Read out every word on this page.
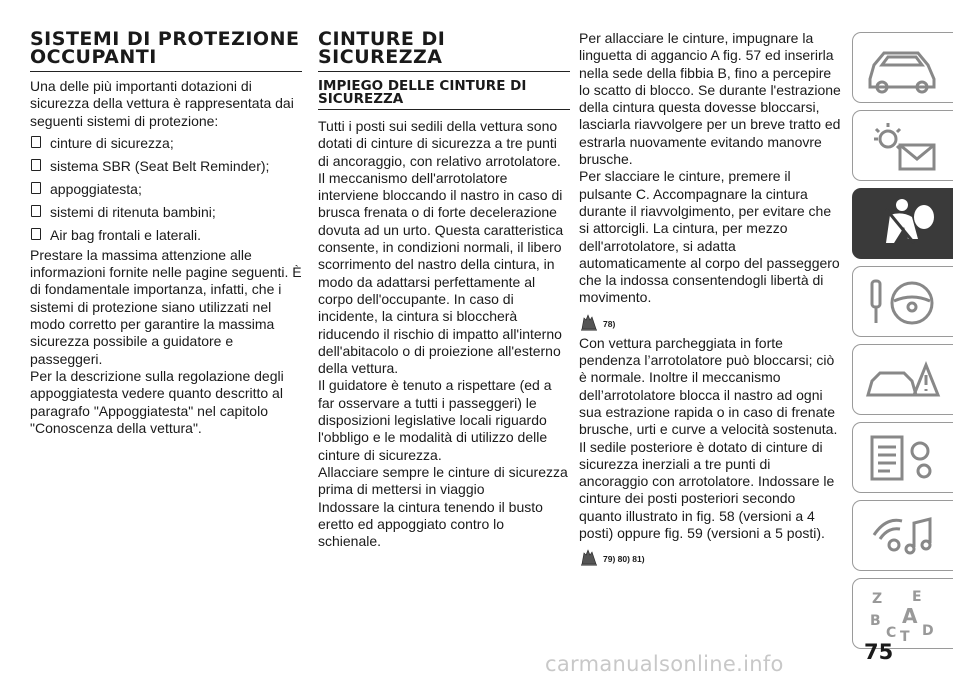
SISTEMI DI PROTEZIONE OCCUPANTI

Una delle più importanti dotazioni di sicurezza della vettura è rappresentata dai seguenti sistemi di protezione:

cinture di sicurezza;
sistema SBR (Seat Belt Reminder);
appoggiatesta;
sistemi di ritenuta bambini;
Air bag frontali e laterali.

Prestare la massima attenzione alle informazioni fornite nelle pagine seguenti. È di fondamentale importanza, infatti, che i sistemi di protezione siano utilizzati nel modo corretto per garantire la massima sicurezza possibile a guidatore e passeggeri.

Per la descrizione sulla regolazione degli appoggiatesta vedere quanto descritto al paragrafo "Appoggiatesta" nel capitolo "Conoscenza della vettura".

CINTURE DI SICUREZZA
IMPIEGO DELLE CINTURE DI SICUREZZA

Tutti i posti sui sedili della vettura sono dotati di cinture di sicurezza a tre punti di ancoraggio, con relativo arrotolatore.

Il meccanismo dell'arrotolatore interviene bloccando il nastro in caso di brusca frenata o di forte decelerazione dovuta ad un urto. Questa caratteristica consente, in condizioni normali, il libero scorrimento del nastro della cintura, in modo da adattarsi perfettamente al corpo dell'occupante. In caso di incidente, la cintura si bloccherà riducendo il rischio di impatto all'interno dell'abitacolo o di proiezione all'esterno della vettura.

Il guidatore è tenuto a rispettare (ed a far osservare a tutti i passeggeri) le disposizioni legislative locali riguardo l'obbligo e le modalità di utilizzo delle cinture di sicurezza.

Allacciare sempre le cinture di sicurezza prima di mettersi in viaggio

Indossare la cintura tenendo il busto eretto ed appoggiato contro lo schienale.

Per allacciare le cinture, impugnare la linguetta di aggancio A fig. 57 ed inserirla nella sede della fibbia B, fino a percepire lo scatto di blocco. Se durante l'estrazione della cintura questa dovesse bloccarsi, lasciarla riavvolgere per un breve tratto ed estrarla nuovamente evitando manovre brusche.

Per slacciare le cinture, premere il pulsante C. Accompagnare la cintura durante il riavvolgimento, per evitare che si attorcigli. La cintura, per mezzo dell'arrotolatore, si adatta automaticamente al corpo del passeggero che la indossa consentendogli libertà di movimento.

78)

Con vettura parcheggiata in forte pendenza l’arrotolatore può bloccarsi; ciò è normale. Inoltre il meccanismo dell’arrotolatore blocca il nastro ad ogni sua estrazione rapida o in caso di frenate brusche, urti e curve a velocità sostenuta.

Il sedile posteriore è dotato di cinture di sicurezza inerziali a tre punti di ancoraggio con arrotolatore. Indossare le cinture dei posti posteriori secondo quanto illustrato in fig. 58 (versioni a 4 posti) oppure fig. 59 (versioni a 5 posti).

79) 80) 81)
Z E
B A
C T D
75
carmanualsonline.info
